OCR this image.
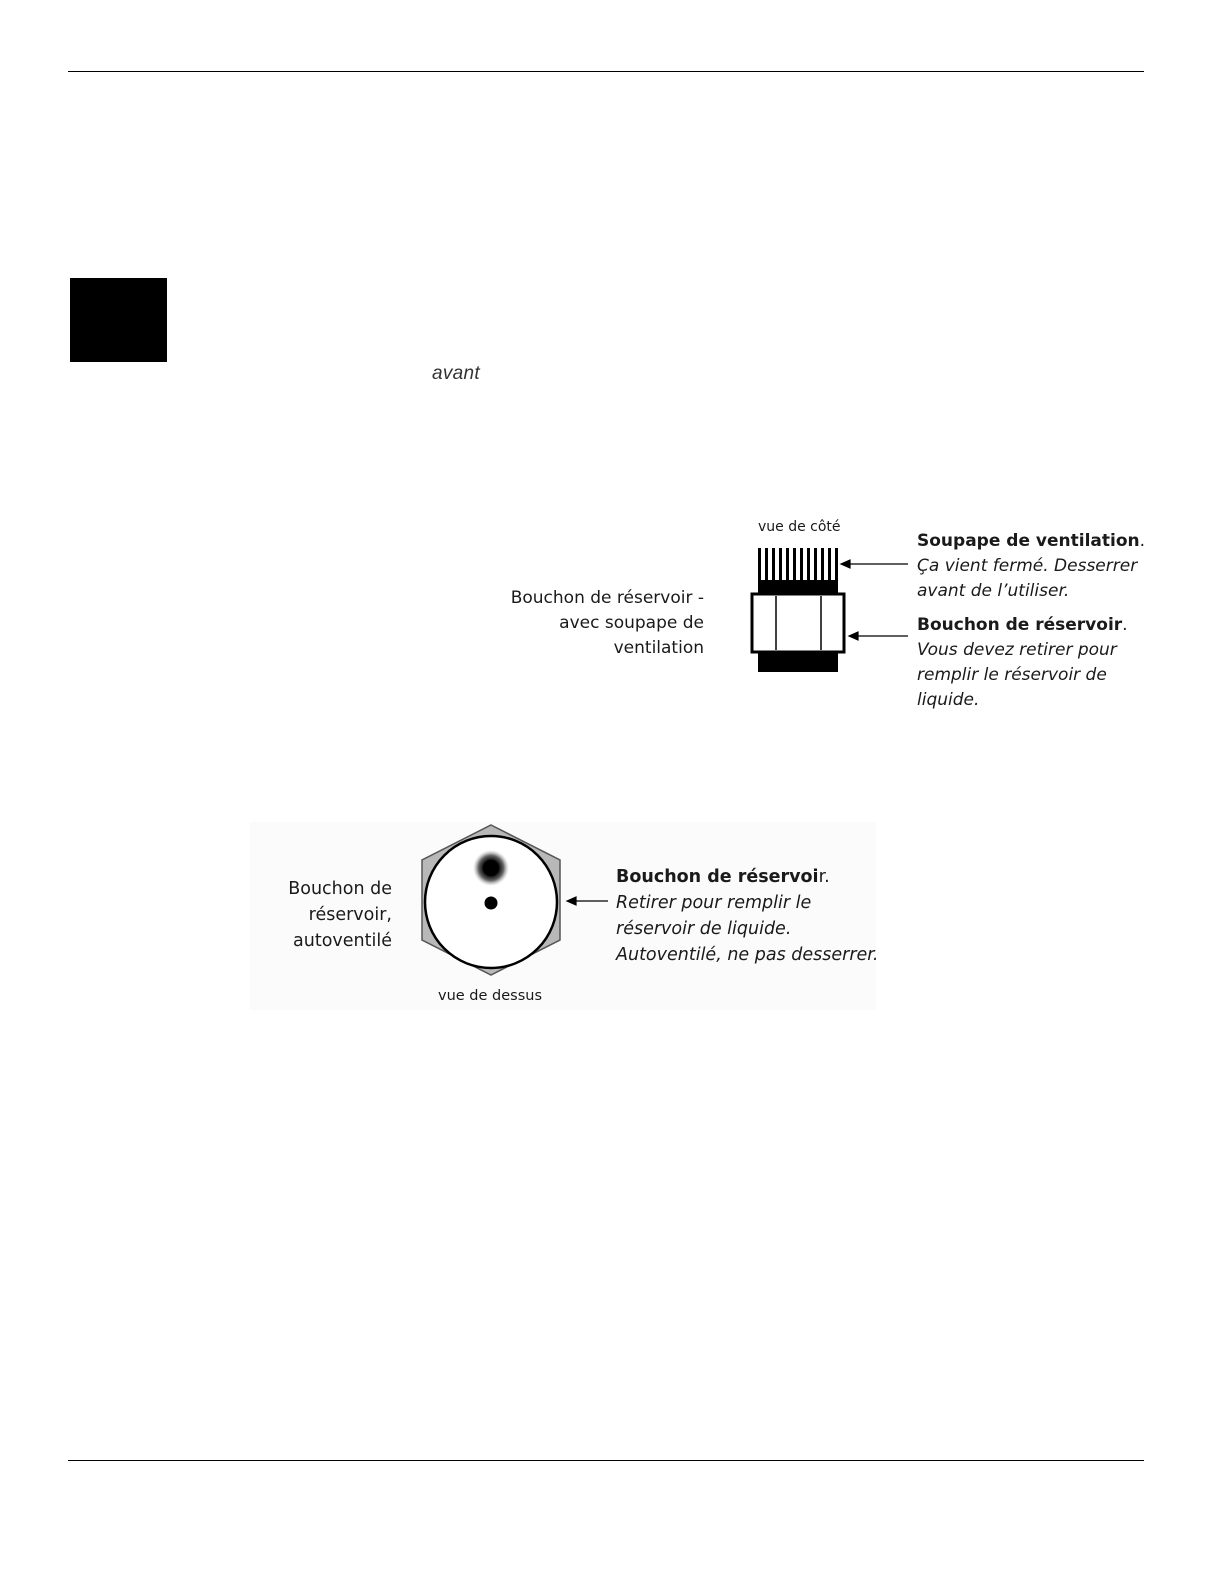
avant
vue de côté
Bouchon de réservoir -
avec soupape de
ventilation
Soupape de ventilation.
Ça vient fermé. Desserrer
avant de l’utiliser.
Bouchon de réservoir.
Vous devez retirer pour
remplir le réservoir de
liquide.
Bouchon de
réservoir,
autoventilé
vue de dessus
Bouchon de réservoir.
Retirer pour remplir le
réservoir de liquide.
Autoventilé, ne pas desserrer.
